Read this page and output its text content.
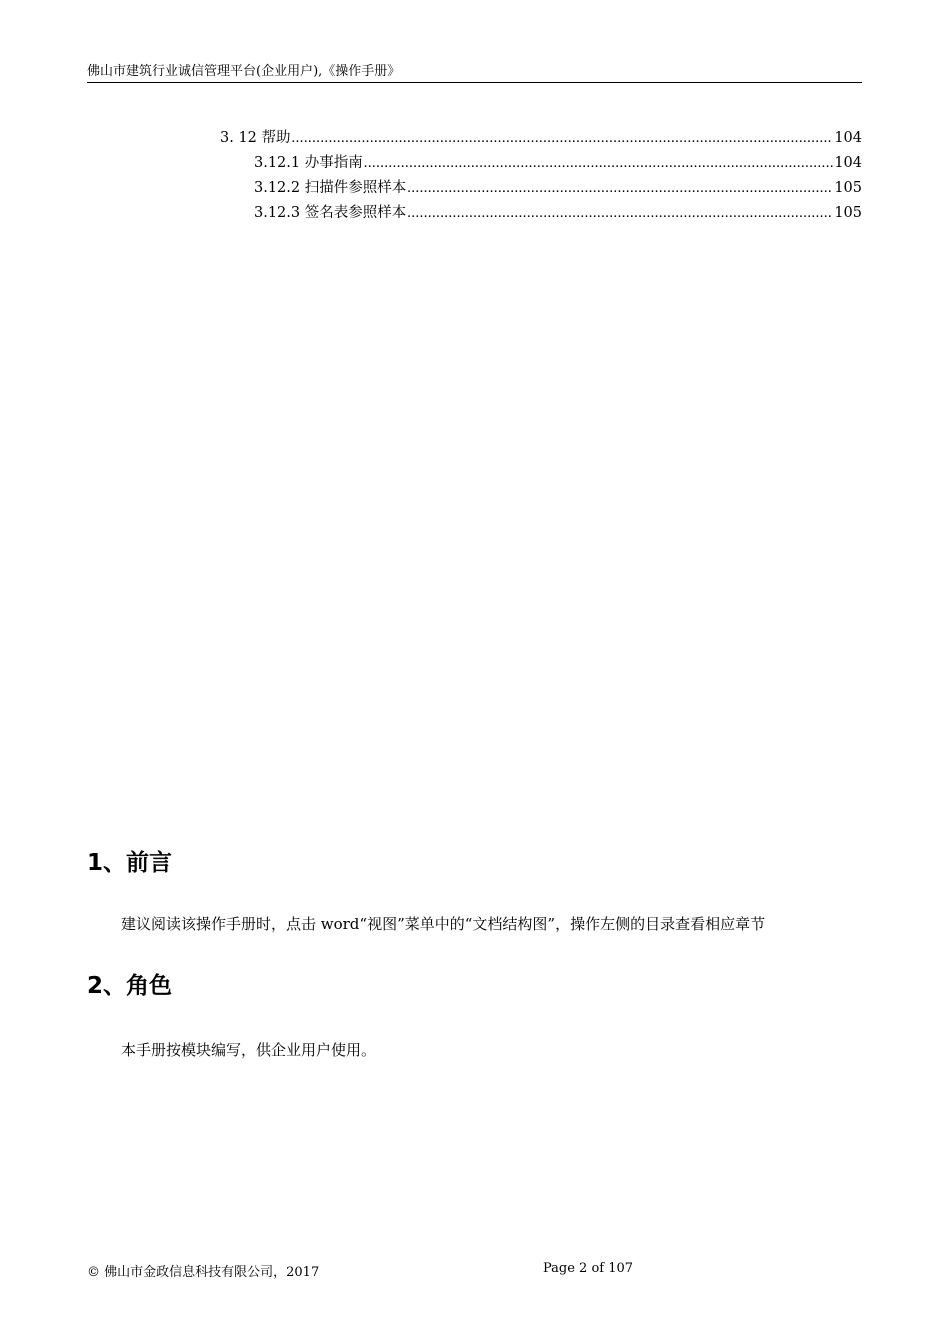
佛山市建筑行业诚信管理平台(企业用户),《操作手册》
3. 12 帮助 .....	104
3.12.1 办事指南 .....	104
3.12.2 扫描件参照样本 .....	105
3.12.3 签名表参照样本 .....	105
1、前言
建议阅读该操作手册时，点击 word“视图”菜单中的“文档结构图”，操作左侧的目录查看相应章节
2、角色
本手册按模块编写，供企业用户使用。
© 佛山市金政信息科技有限公司，2017	Page 2 of 107
